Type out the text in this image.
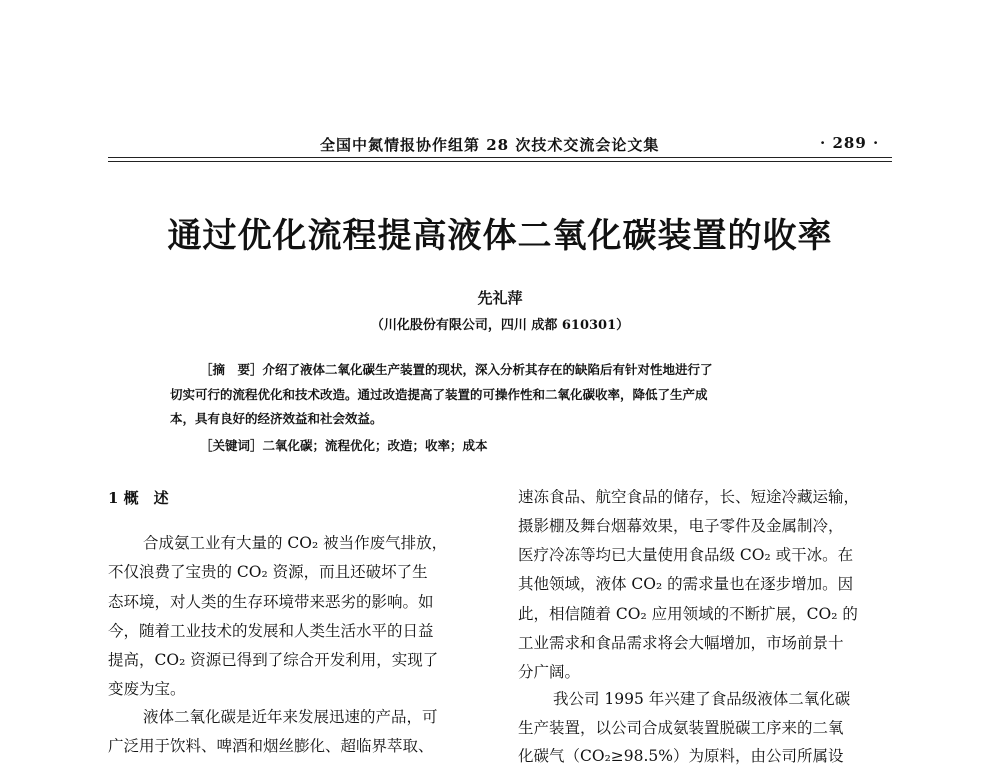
全国中氮情报协作组第 28 次技术交流会论文集	· 289 ·
通过优化流程提高液体二氧化碳装置的收率
先礼萍
（川化股份有限公司，四川 成都 610301）
［摘　要］介绍了液体二氧化碳生产装置的现状，深入分析其存在的缺陷后有针对性地进行了
切实可行的流程优化和技术改造。通过改造提高了装置的可操作性和二氧化碳收率，降低了生产成
本，具有良好的经济效益和社会效益。
［关键词］二氧化碳；流程优化；改造；收率；成本
1 概　述
合成氨工业有大量的 CO₂ 被当作废气排放，
不仅浪费了宝贵的 CO₂ 资源，而且还破坏了生
态环境，对人类的生存环境带来恶劣的影响。如
今，随着工业技术的发展和人类生活水平的日益
提高，CO₂ 资源已得到了综合开发利用，实现了
变废为宝。
液体二氧化碳是近年来发展迅速的产品，可
广泛用于饮料、啤酒和烟丝膨化、超临界萃取、
速冻食品、航空食品的储存，长、短途冷藏运输，
摄影棚及舞台烟幕效果，电子零件及金属制冷，
医疗冷冻等均已大量使用食品级 CO₂ 或干冰。在
其他领域，液体 CO₂ 的需求量也在逐步增加。因
此，相信随着 CO₂ 应用领域的不断扩展，CO₂ 的
工业需求和食品需求将会大幅增加，市场前景十
分广阔。
我公司 1995 年兴建了食品级液体二氧化碳
生产装置，以公司合成氨装置脱碳工序来的二氧
化碳气（CO₂≥98.5%）为原料，由公司所属设
